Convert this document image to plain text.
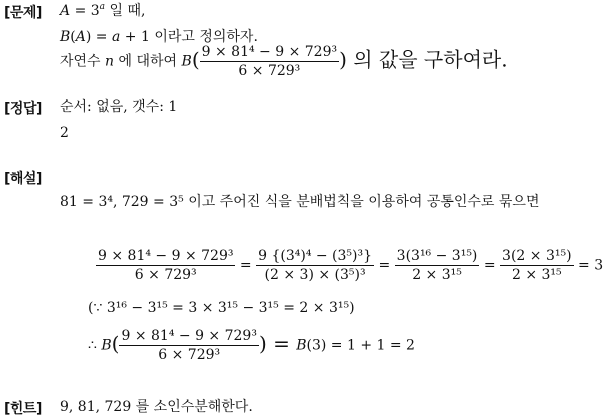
[문제] $A = 3^a$ 일 때,
B(A) = a + 1 이라고 정의하자.
자연수 n 에 대하여 $B( \frac{\text{9 × 81⁴ − 9 × 729³}}{\text{6 × 729³}}$ ) 의 값을 구하여라.
[정답] 순서: 없음, 갯수: 1
2
[해설]
81 = 3⁴, 729 = 3⁵ 이고 주어진 식을 분배법칙을 이용하여 공통인수로 묶으면
$\frac{\text{9 × 81⁴ − 9 × 729³}}{\text{6 × 729³}} = \frac{\text{9 \{(3⁴)⁴ − (3⁵)³\}}}{\text{(2 × 3) × (3⁵)³}} = \frac{\text{3(3¹⁶ − 3¹⁵)}}{\text{2 × 3¹⁵}} = \frac{\text{3(2 × 3¹⁵)}}{\text{2 × 3¹⁵}} = 3$
(∵ 3¹⁶ − 3¹⁵ = 3 × 3¹⁵ − 3¹⁵ = 2 × 3¹⁵)
∴ $B( \frac{\text{9 × 81⁴ − 9 × 729³}}{\text{6 × 729³}}$ ) = B(3) = 1 + 1 = 2
[힌트] 9, 81, 729 를 소인수분해한다.
